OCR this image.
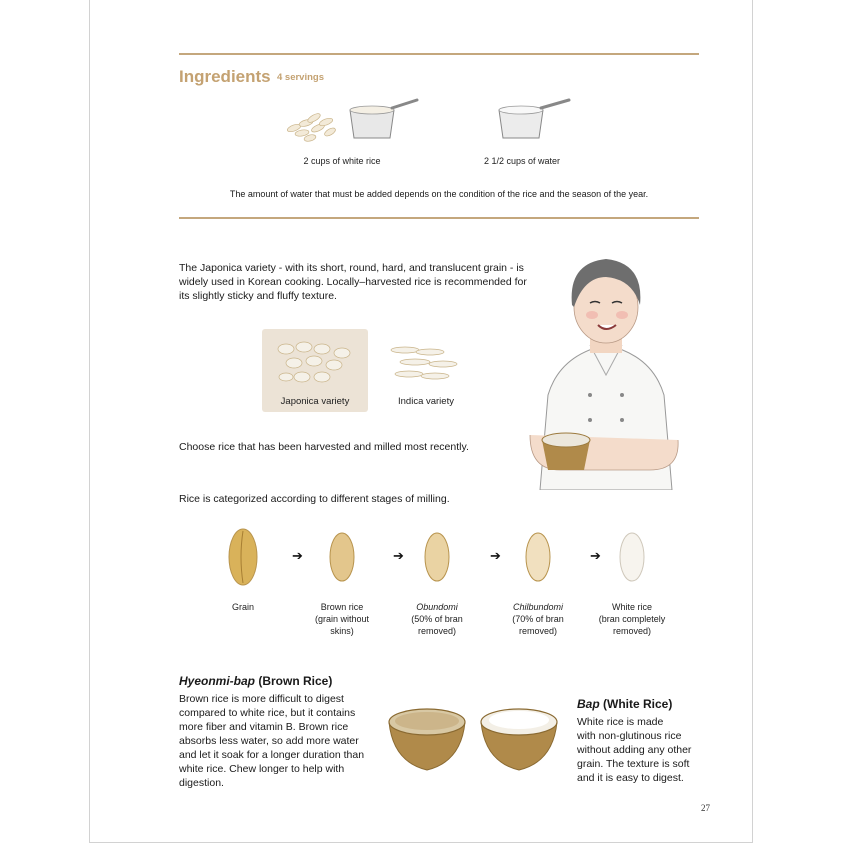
Ingredients 4 servings
2 cups of white rice	2 1/2 cups of water
The amount of water that must be added depends on the condition of the rice and the season of the year.
The Japonica variety - with its short, round, hard, and translucent grain - is
widely used in Korean cooking. Locally–harvested rice is recommended for
its slightly sticky and fluffy texture.
Japonica variety	Indica variety
Choose rice that has been harvested and milled most recently.
Rice is categorized according to different stages of milling.
Grain	Brown rice
(grain without
skins)
Obundomi
(50% of bran
removed)
Chilbundomi
(70% of bran
removed)
White rice
(bran completely
removed)
➔	➔	➔	➔
Hyeonmi-bap (Brown Rice)
Brown rice is more difficult to digest
compared to white rice, but it contains
more fiber and vitamin B. Brown rice
absorbs less water, so add more water
and let it soak for a longer duration than
white rice. Chew longer to help with
digestion.
Bap (White Rice)
White rice is made
with non-glutinous rice
without adding any other
grain. The texture is soft
and it is easy to digest.
27
